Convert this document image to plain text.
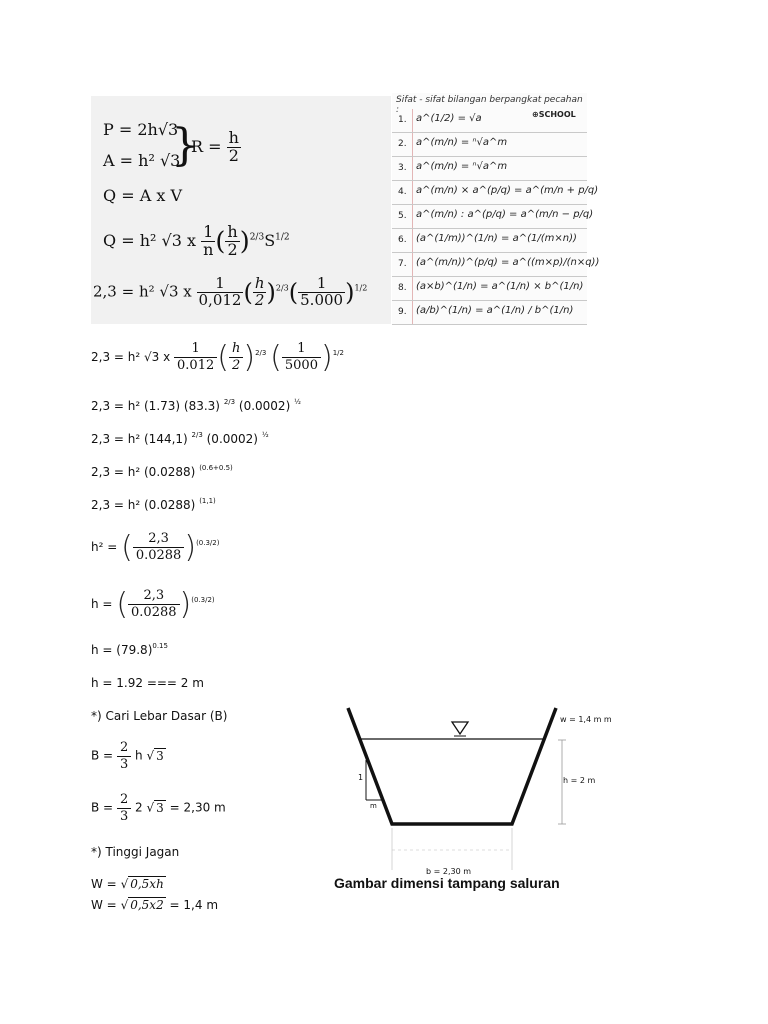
P = 2h√3
A = h² √3
}
$R = \frac{h}{2}$
Q = A x V
Q = h² √3 x $\frac{1}{n}$ ( $\frac{h}{2} )^{2/3}S^{1/2}$
2,3 = h² √3 x $\frac{1}{0,012}$ ( $\frac{h}{2} )^{2/3}( \frac{1}{5.000} )^{1/2}$
Sifat - sifat bilangan berpangkat pecahan :	⊕SCHOOL
1. a^(1/2) = √a
2. a^(m/n) = ⁿ√a^m
3. a^(m/n) = ⁿ√a^m
4. a^(m/n) × a^(p/q) = a^(m/n + p/q)
5. a^(m/n) : a^(p/q) = a^(m/n − p/q)
6. (a^(1/m))^(1/n) = a^(1/(m×n))
7. (a^(m/n))^(p/q) = a^((m×p)/(n×q))
8. (a×b)^(1/n) = a^(1/n) × b^(1/n)
9. (a/b)^(1/n) = a^(1/n) / b^(1/n)
2,3 = h² √3 x $\frac{1}{0.012}$ ( $\frac{h}{2} )^{2/3}$ ( $\frac{1}{5000} )^{1/2}$
2,3 = h² (1.73) (83.3) $^{2/3}$ (0.0002) $^{\frac{1}{2}}$
2,3 = h² (144,1) $^{2/3}$ (0.0002) $^{\frac{1}{2}}$
2,3 = h² (0.0288) $^{(0.6+0.5)}$
2,3 = h² (0.0288) $^{(1,1)}$
h² = ( $\frac{2,3}{0.0288} )^{(0.3/2)}$
h = ( $\frac{2,3}{0.0288} )^{(0.3/2)}$
$h = (79.8)^{0.15}$
h = 1.92 === 2 m
*) Cari Lebar Dasar (B)
$B = \frac{2}{3}$ h √ 3
$B = \frac{2}{3} 2$ √ 3 = 2,30 m
*) Tinggi Jagan
W = √ 0,5xh
W = √ 0,5x2 = 1,4 m
1
m
h = 2 m
w = 1,4 m m
b = 2,30 m
Gambar dimensi tampang saluran
